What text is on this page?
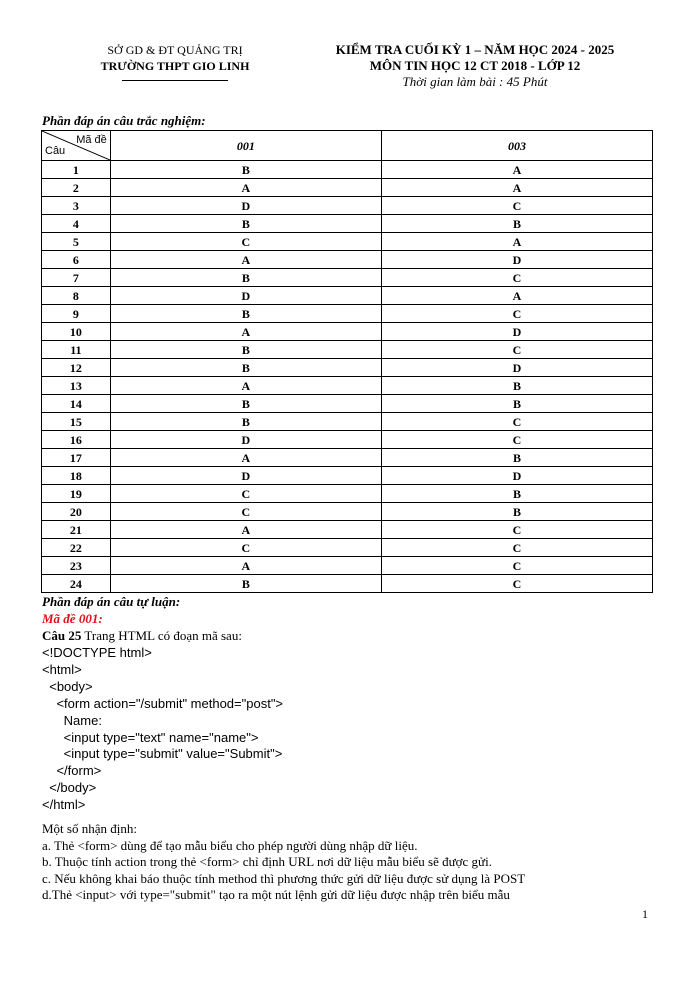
SỞ GD & ĐT QUẢNG TRỊ
TRƯỜNG THPT GIO LINH
KIỂM TRA CUỐI KỲ 1 – NĂM HỌC 2024 - 2025
MÔN TIN HỌC 12 CT 2018 - LỚP 12
Thời gian làm bài : 45 Phút
Phần đáp án câu trắc nghiệm:
Mã đề
Câu	001	003
1	B	A
2	A	A
3	D	C
4	B	B
5	C	A
6	A	D
7	B	C
8	D	A
9	B	C
10	A	D
11	B	C
12	B	D
13	A	B
14	B	B
15	B	C
16	D	C
17	A	B
18	D	D
19	C	B
20	C	B
21	A	C
22	C	C
23	A	C
24	B	C
Phần đáp án câu tự luận:
Mã đề 001:
Câu 25 Trang HTML có đoạn mã sau:
<!DOCTYPE html>
<html>
<body>
<form action="/submit" method="post">
Name:
<input type="text" name="name">
<input type="submit" value="Submit">
</form>
</body>
</html>
Một số nhận định:
a. Thẻ <form> dùng để tạo mẫu biểu cho phép người dùng nhập dữ liệu.
b. Thuộc tính action trong thẻ <form> chỉ định URL nơi dữ liệu mẫu biểu sẽ được gửi.
c. Nếu không khai báo thuộc tính method thì phương thức gửi dữ liệu được sử dụng là POST
d.Thẻ <input> với type="submit" tạo ra một nút lệnh gửi dữ liệu được nhập trên biểu mẫu
1
